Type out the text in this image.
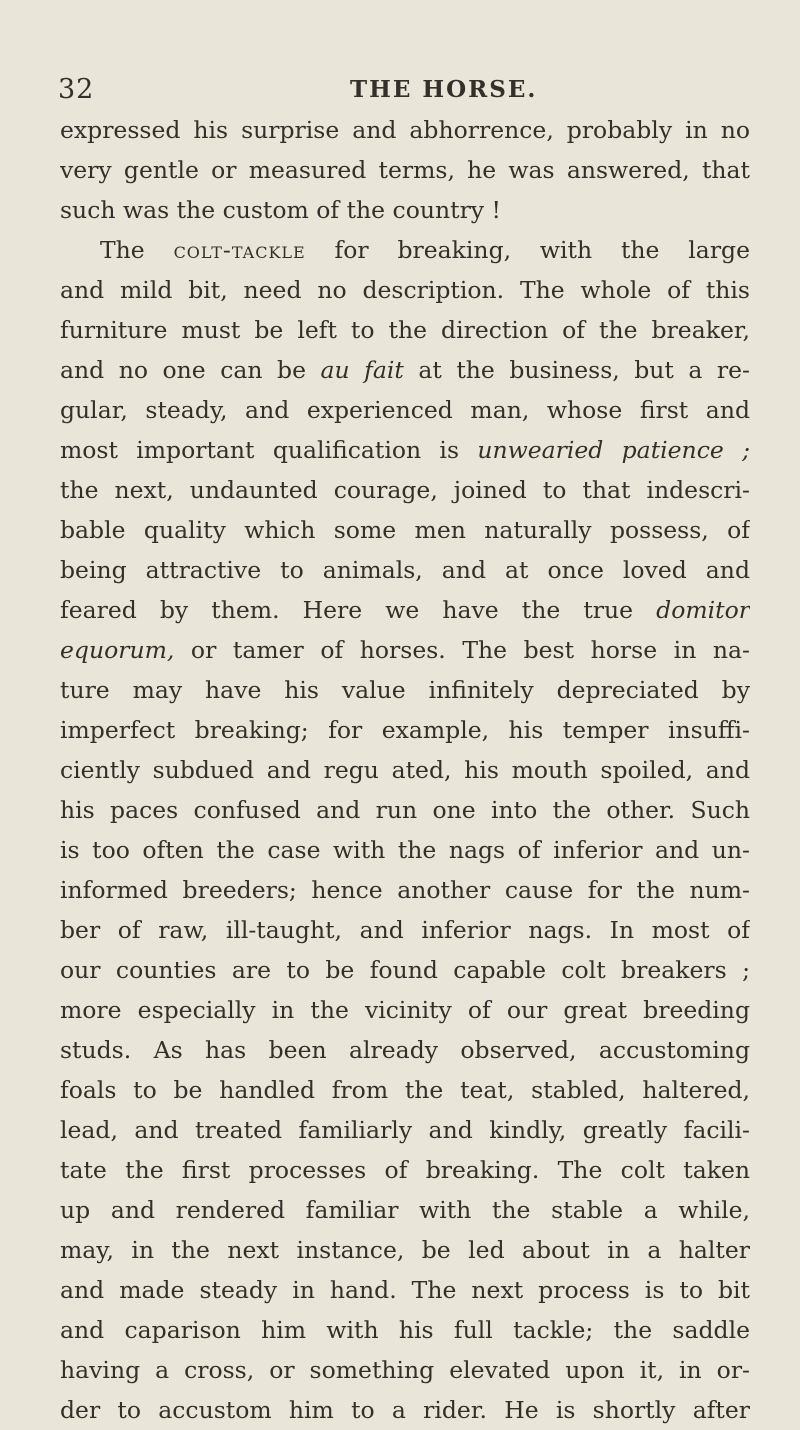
32	THE HORSE.
expressed his surprise and abhorrence, probably in no
very gentle or measured terms, he was answered, that
such was the custom of the country !
The colt-tackle for breaking, with the large
and mild bit, need no description. The whole of this
furniture must be left to the direction of the breaker,
and no one can be au fait at the business, but a re-
gular, steady, and experienced man, whose first and
most important qualification is unwearied patience ;
the next, undaunted courage, joined to that indescri-
bable quality which some men naturally possess, of
being attractive to animals, and at once loved and
feared by them. Here we have the true domitor
equorum, or tamer of horses. The best horse in na-
ture may have his value infinitely depreciated by
imperfect breaking; for example, his temper insuffi-
ciently subdued and regu ated, his mouth spoiled, and
his paces confused and run one into the other. Such
is too often the case with the nags of inferior and un-
informed breeders; hence another cause for the num-
ber of raw, ill-taught, and inferior nags. In most of
our counties are to be found capable colt breakers ;
more especially in the vicinity of our great breeding
studs. As has been already observed, accustoming
foals to be handled from the teat, stabled, haltered,
lead, and treated familiarly and kindly, greatly facili-
tate the first processes of breaking. The colt taken
up and rendered familiar with the stable a while,
may, in the next instance, be led about in a halter
and made steady in hand. The next process is to bit
and caparison him with his full tackle; the saddle
having a cross, or something elevated upon it, in or-
der to accustom him to a rider. He is shortly after
